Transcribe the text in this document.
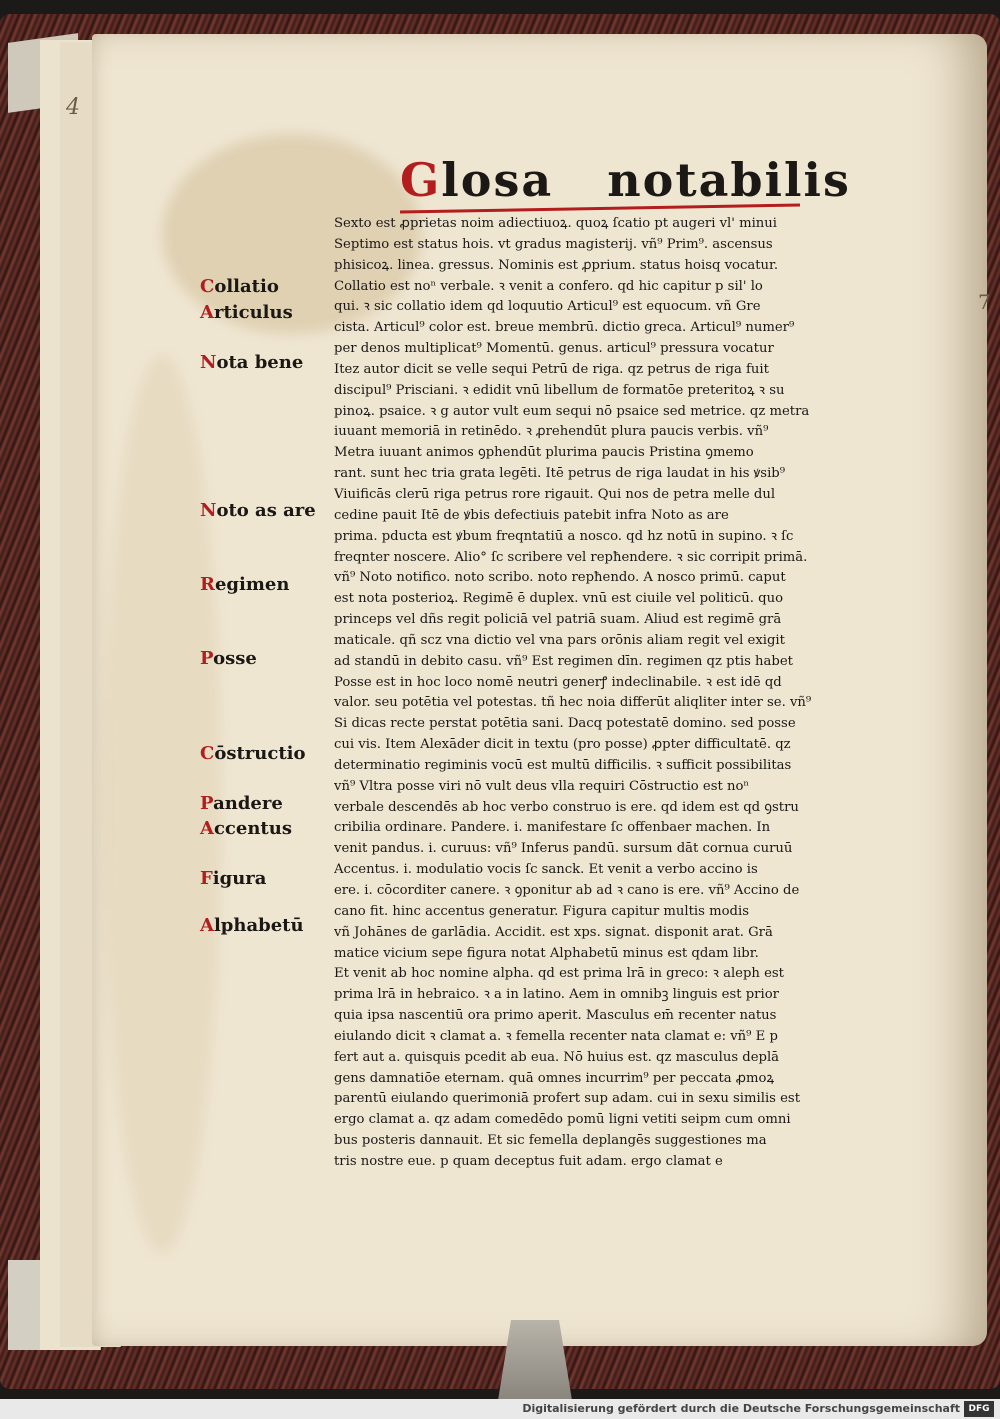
4
7
Glosa   notabilis
Collatio
Articulus
Nota bene
Noto as are
Regimen
Posse
Cōstructio
Pandere
Accentus
Figura
Alphabetū
Sexto est ꝓprietas noim adiectiuoꝝ. quoꝝ ſcatio pt augeri vl' minui
Septimo est status hois. vt gradus magisterij. vñ⁹ Prim⁹. ascensus
phisicoꝝ. linea. gressus. Nominis est ꝓprium. status hoisq vocatur.
Collatio est noⁿ verbale. ꝛ venit a confero. qd hic capitur p sil' lo
qui. ꝛ sic collatio idem qd loquutio Articul⁹ est equocum. vñ Gre
cista. Articul⁹ color est. breue membrū. dictio greca. Articul⁹ numer⁹
per denos multiplicat⁹ Momentū. genus. articul⁹ pressura vocatur
Itez autor dicit se velle sequi Petrū de riga. qz petrus de riga fuit
discipul⁹ Prisciani. ꝛ edidit vnū libellum de formatōe preteritoꝝ ꝛ su
pinoꝝ. psaice. ꝛ g autor vult eum sequi nō psaice sed metrice. qz metra
iuuant memoriā in retinēdo. ꝛ ꝓrehendūt plura paucis verbis. vñ⁹
Metra iuuant animos ꝯphendūt plurima paucis Pristina ꝯmemo
rant. sunt hec tria grata legēti. Itē petrus de riga laudat in his ꝟsib⁹
Viuificās clerū riga petrus rore rigauit. Qui nos de petra melle dul
cedine pauit Itē de ꝟbis defectiuis patebit infra Noto as are
prima. pducta est ꝟbum freqntatiū a nosco. qd hz notū in supino. ꝛ ſc
freqnter noscere. Alio° ſc scribere vel repħendere. ꝛ sic corripit primā.
vñ⁹ Noto notifico. noto scribo. noto repħendo. A nosco primū. caput
est nota posterioꝝ. Regimē ē duplex. vnū est ciuile vel politicū. quo
princeps vel dñs regit policiā vel patriā suam. Aliud est regimē grā
maticale. qñ scz vna dictio vel vna pars orōnis aliam regit vel exigit
ad standū in debito casu. vñ⁹ Est regimen dīn. regimen qz ptis habet
Posse est in hoc loco nomē neutri generꝭ indeclinabile. ꝛ est idē qd
valor. seu potētia vel potestas. tñ hec noia differūt aliqliter inter se. vñ⁹
Si dicas recte perstat potētia sani. Dacq potestatē domino. sed posse
cui vis. Item Alexāder dicit in textu (pro posse) ꝓpter difficultatē. qz
determinatio regiminis vocū est multū difficilis. ꝛ sufficit possibilitas
vñ⁹ Vltra posse viri nō vult deus vlla requiri Cōstructio est noⁿ
verbale descendēs ab hoc verbo construo is ere. qd idem est qd ꝯstru
cribilia ordinare. Pandere. i. manifestare ſc offenbaer machen. In
venit pandus. i. curuus: vñ⁹ Inferus pandū. sursum dāt cornua curuū
Accentus. i. modulatio vocis ſc sanck. Et venit a verbo accino is
ere. i. cōcorditer canere. ꝛ ꝯponitur ab ad ꝛ cano is ere. vñ⁹ Accino de
cano fit. hinc accentus generatur. Figura capitur multis modis
vñ Johānes de garlādia. Accidit. est xps. signat. disponit arat. Grā
matice vicium sepe figura notat Alphabetū minus est qdam libr.
Et venit ab hoc nomine alpha. qd est prima lrā in greco: ꝛ aleph est
prima lrā in hebraico. ꝛ a in latino. Aem in omnibꝫ linguis est prior
quia ipsa nascentiū ora primo aperit. Masculus em̄ recenter natus
eiulando dicit ꝛ clamat a. ꝛ femella recenter nata clamat e: vñ⁹ E p
fert aut a. quisquis pcedit ab eua. Nō huius est. qz masculus deplā
gens damnatiōe eternam. quā omnes incurrim⁹ per peccata ꝓmoꝝ
parentū eiulando querimoniā profert sup adam. cui in sexu similis est
ergo clamat a. qz adam comedēdo pomū ligni vetiti seipm cum omni
bus posteris dannauit. Et sic femella deplangēs suggestiones ma
tris nostre eue. p quam deceptus fuit adam. ergo clamat e
Digitalisierung gefördert durch die Deutsche Forschungsgemeinschaft DFG
